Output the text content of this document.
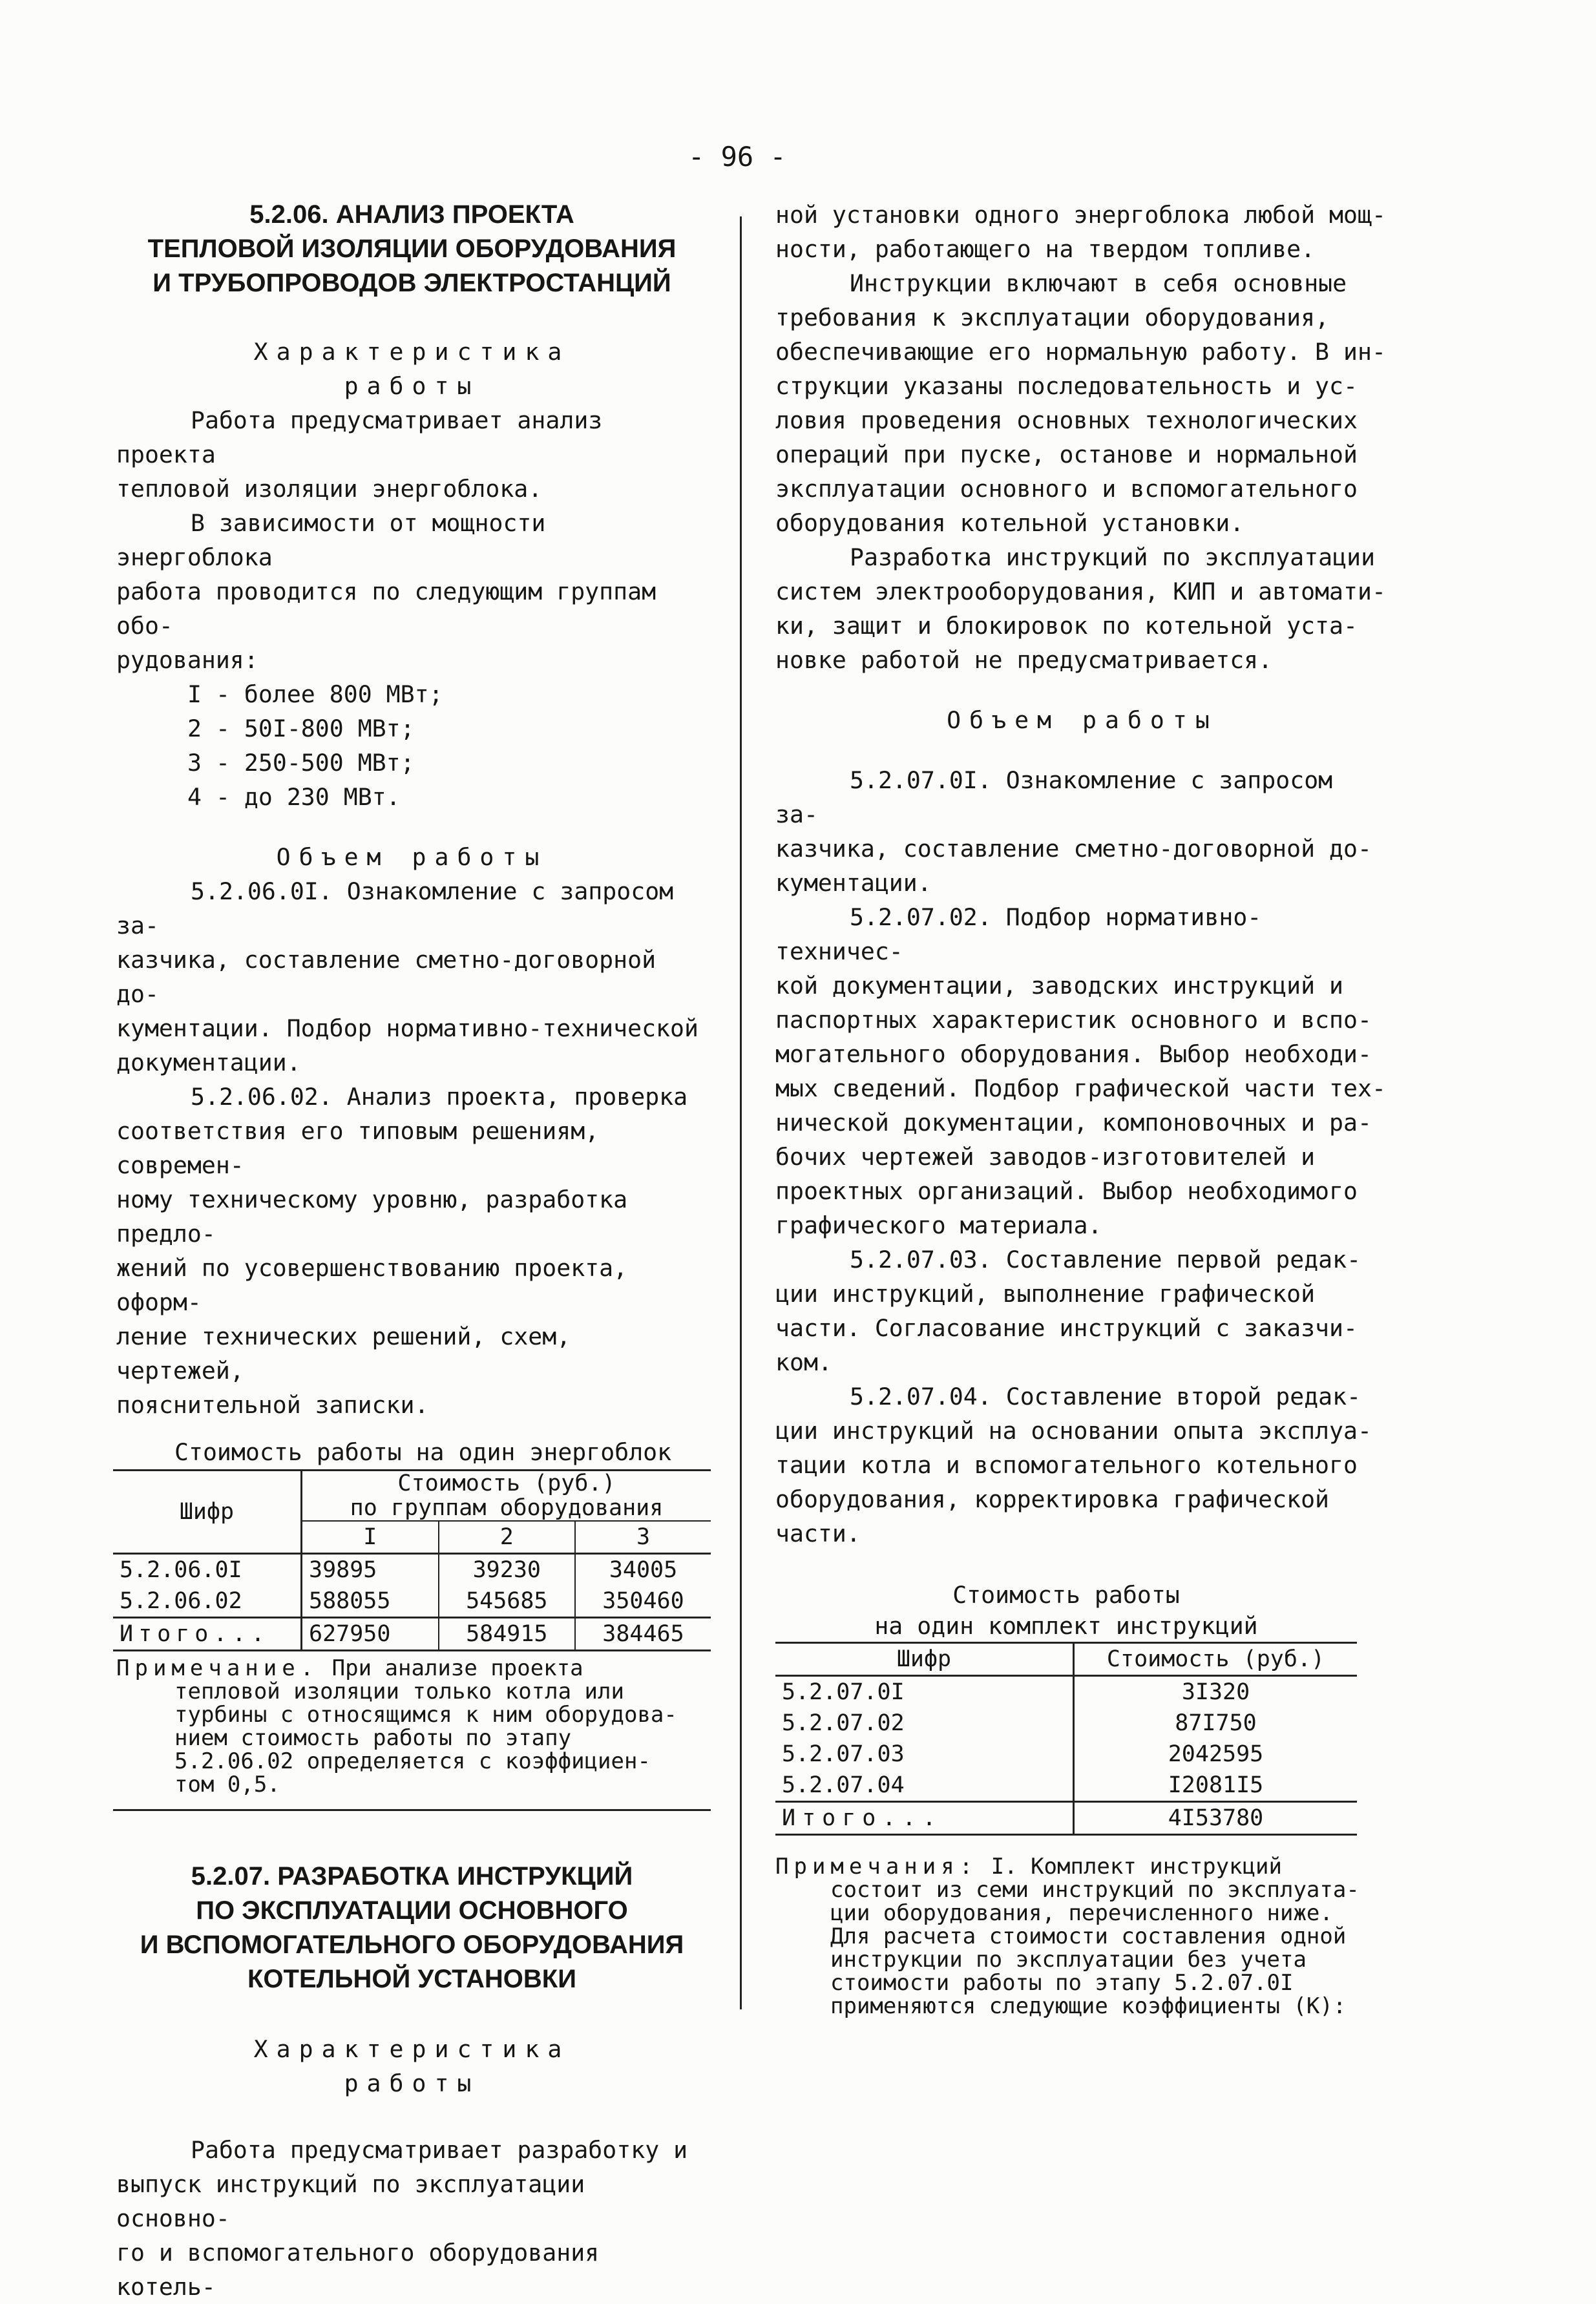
- 96 -
5.2.06. АНАЛИЗ ПРОЕКТА
ТЕПЛОВОЙ ИЗОЛЯЦИИ ОБОРУДОВАНИЯ
И ТРУБОПРОВОДОВ ЭЛЕКТРОСТАНЦИЙ
Характеристика
работы
Работа предусматривает анализ проекта
тепловой изоляции энергоблока.
В зависимости от мощности энергоблока
работа проводится по следующим группам обо-
рудования:
I - более 800 МВт;
2 - 50I-800 МВт;
3 - 250-500 МВт;
4 - до 230 МВт.
Объем работы
5.2.06.0I. Ознакомление с запросом за-
казчика, составление сметно-договорной до-
кументации. Подбор нормативно-технической
документации.
5.2.06.02. Анализ проекта, проверка
соответствия его типовым решениям, современ-
ному техническому уровню, разработка предло-
жений по усовершенствованию проекта, оформ-
ление технических решений, схем, чертежей,
пояснительной записки.
Стоимость работы на один энергоблок
Шифр	Стоимость (руб.)
по группам оборудования		

	I	2	3
5.2.06.0I	39895	39230	34005
5.2.06.02	588055	545685	350460
Итого...	627950	584915	384465

Примечание. При анализе проекта

тепловой изоляции только котла или

турбины с относящимся к ним оборудова-

нием стоимость работы по этапу

5.2.06.02 определяется с коэффициен-

том 0,5.

5.2.07. РАЗРАБОТКА ИНСТРУКЦИЙ
ПО ЭКСПЛУАТАЦИИ ОСНОВНОГО
И ВСПОМОГАТЕЛЬНОГО ОБОРУДОВАНИЯ
КОТЕЛЬНОЙ УСТАНОВКИ
Характеристика
работы
Работа предусматривает разработку и
выпуск инструкций по эксплуатации основно-
го и вспомогательного оборудования котель-
ной установки одного энергоблока любой мощ-
ности, работающего на твердом топливе.
Инструкции включают в себя основные
требования к эксплуатации оборудования,
обеспечивающие его нормальную работу. В ин-
струкции указаны последовательность и ус-
ловия проведения основных технологических
операций при пуске, останове и нормальной
эксплуатации основного и вспомогательного
оборудования котельной установки.
Разработка инструкций по эксплуатации
систем электрооборудования, КИП и автомати-
ки, защит и блокировок по котельной уста-
новке работой не предусматривается.
Объем работы
5.2.07.0I. Ознакомление с запросом за-
казчика, составление сметно-договорной до-
кументации.
5.2.07.02. Подбор нормативно-техничес-
кой документации, заводских инструкций и
паспортных характеристик основного и вспо-
могательного оборудования. Выбор необходи-
мых сведений. Подбор графической части тех-
нической документации, компоновочных и ра-
бочих чертежей заводов-изготовителей и
проектных организаций. Выбор необходимого
графического материала.
5.2.07.03. Составление первой редак-
ции инструкций, выполнение графической
части. Согласование инструкций с заказчи-
ком.
5.2.07.04. Составление второй редак-
ции инструкций на основании опыта эксплуа-
тации котла и вспомогательного котельного
оборудования, корректировка графической
части.
Стоимость работы
на один комплект инструкций
Шифр	Стоимость (руб.)
5.2.07.0I	3I320
5.2.07.02	87I750
5.2.07.03	2042595
5.2.07.04	I2081I5
Итого...	4I53780

Примечания: I. Комплект инструкций

состоит из семи инструкций по эксплуата-

ции оборудования, перечисленного ниже.

Для расчета стоимости составления одной

инструкции по эксплуатации без учета

стоимости работы по этапу 5.2.07.0I

применяются следующие коэффициенты (К):
